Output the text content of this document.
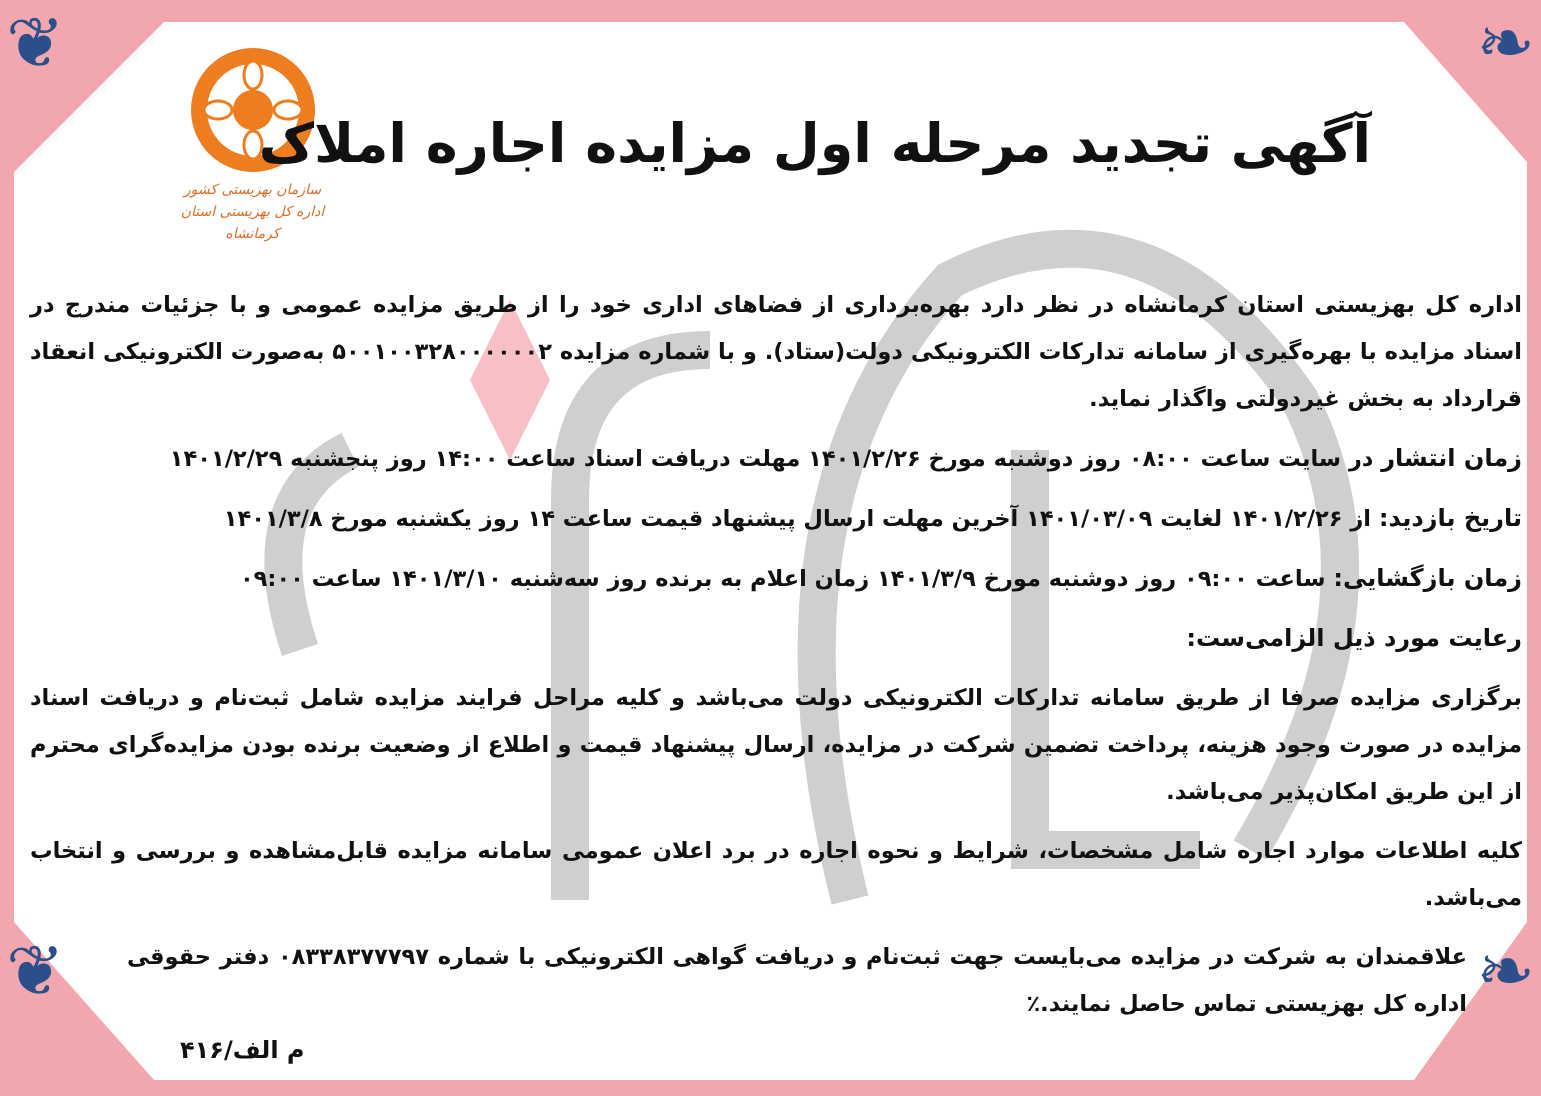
❦	❧
❦	❧
سازمان بهزیستی کشور
اداره کل بهزیستی استان کرمانشاه
آگهی تجدید مرحله اول مزایده اجاره املاک

اداره کل بهزیستی استان کرمانشاه در نظر دارد بهره‌برداری از فضاهای اداری خود را از طریق مزایده عمومی و با جزئیات مندرج در اسناد مزایده با بهره‌گیری از سامانه تدارکات الکترونیکی دولت(ستاد). و با شماره مزایده ۵۰۰۱۰۰۳۲۸۰۰۰۰۰۰۲ به‌صورت الکترونیکی انعقاد قرارداد به بخش غیردولتی واگذار نماید.

زمان انتشار در سایت ساعت ۰۸:۰۰ روز دوشنبه مورخ ۱۴۰۱/۲/۲۶ مهلت دریافت اسناد ساعت ۱۴:۰۰ روز پنجشنبه ۱۴۰۱/۲/۲۹

تاریخ بازدید: از ۱۴۰۱/۲/۲۶ لغایت ۱۴۰۱/۰۳/۰۹ آخرین مهلت ارسال پیشنهاد قیمت ساعت ۱۴ روز یکشنبه مورخ ۱۴۰۱/۳/۸

زمان بازگشایی: ساعت ۰۹:۰۰ روز دوشنبه مورخ ۱۴۰۱/۳/۹ زمان اعلام به برنده روز سه‌شنبه ۱۴۰۱/۳/۱۰ ساعت ۰۹:۰۰

رعایت مورد ذیل الزامی‌ست:

برگزاری مزایده صرفا از طریق سامانه تدارکات الکترونیکی دولت می‌باشد و کلیه مراحل فرایند مزایده شامل ثبت‌نام و دریافت اسناد مزایده در صورت وجود هزینه، پرداخت تضمین شرکت در مزایده، ارسال پیشنهاد قیمت و اطلاع از وضعیت برنده بودن مزایده‌گرای محترم از این طریق امکان‌پذیر می‌باشد.

کلیه اطلاعات موارد اجاره شامل مشخصات، شرایط و نحوه اجاره در برد اعلان عمومی سامانه مزایده قابل‌مشاهده و بررسی و انتخاب می‌باشد.

علاقمندان به شرکت در مزایده می‌بایست جهت ثبت‌نام و دریافت گواهی الکترونیکی با شماره ۰۸۳۳۸۳۷۷۷۹۷ دفتر حقوقی اداره کل بهزیستی تماس حاصل نمایند.٪

م الف/۴۱۶
